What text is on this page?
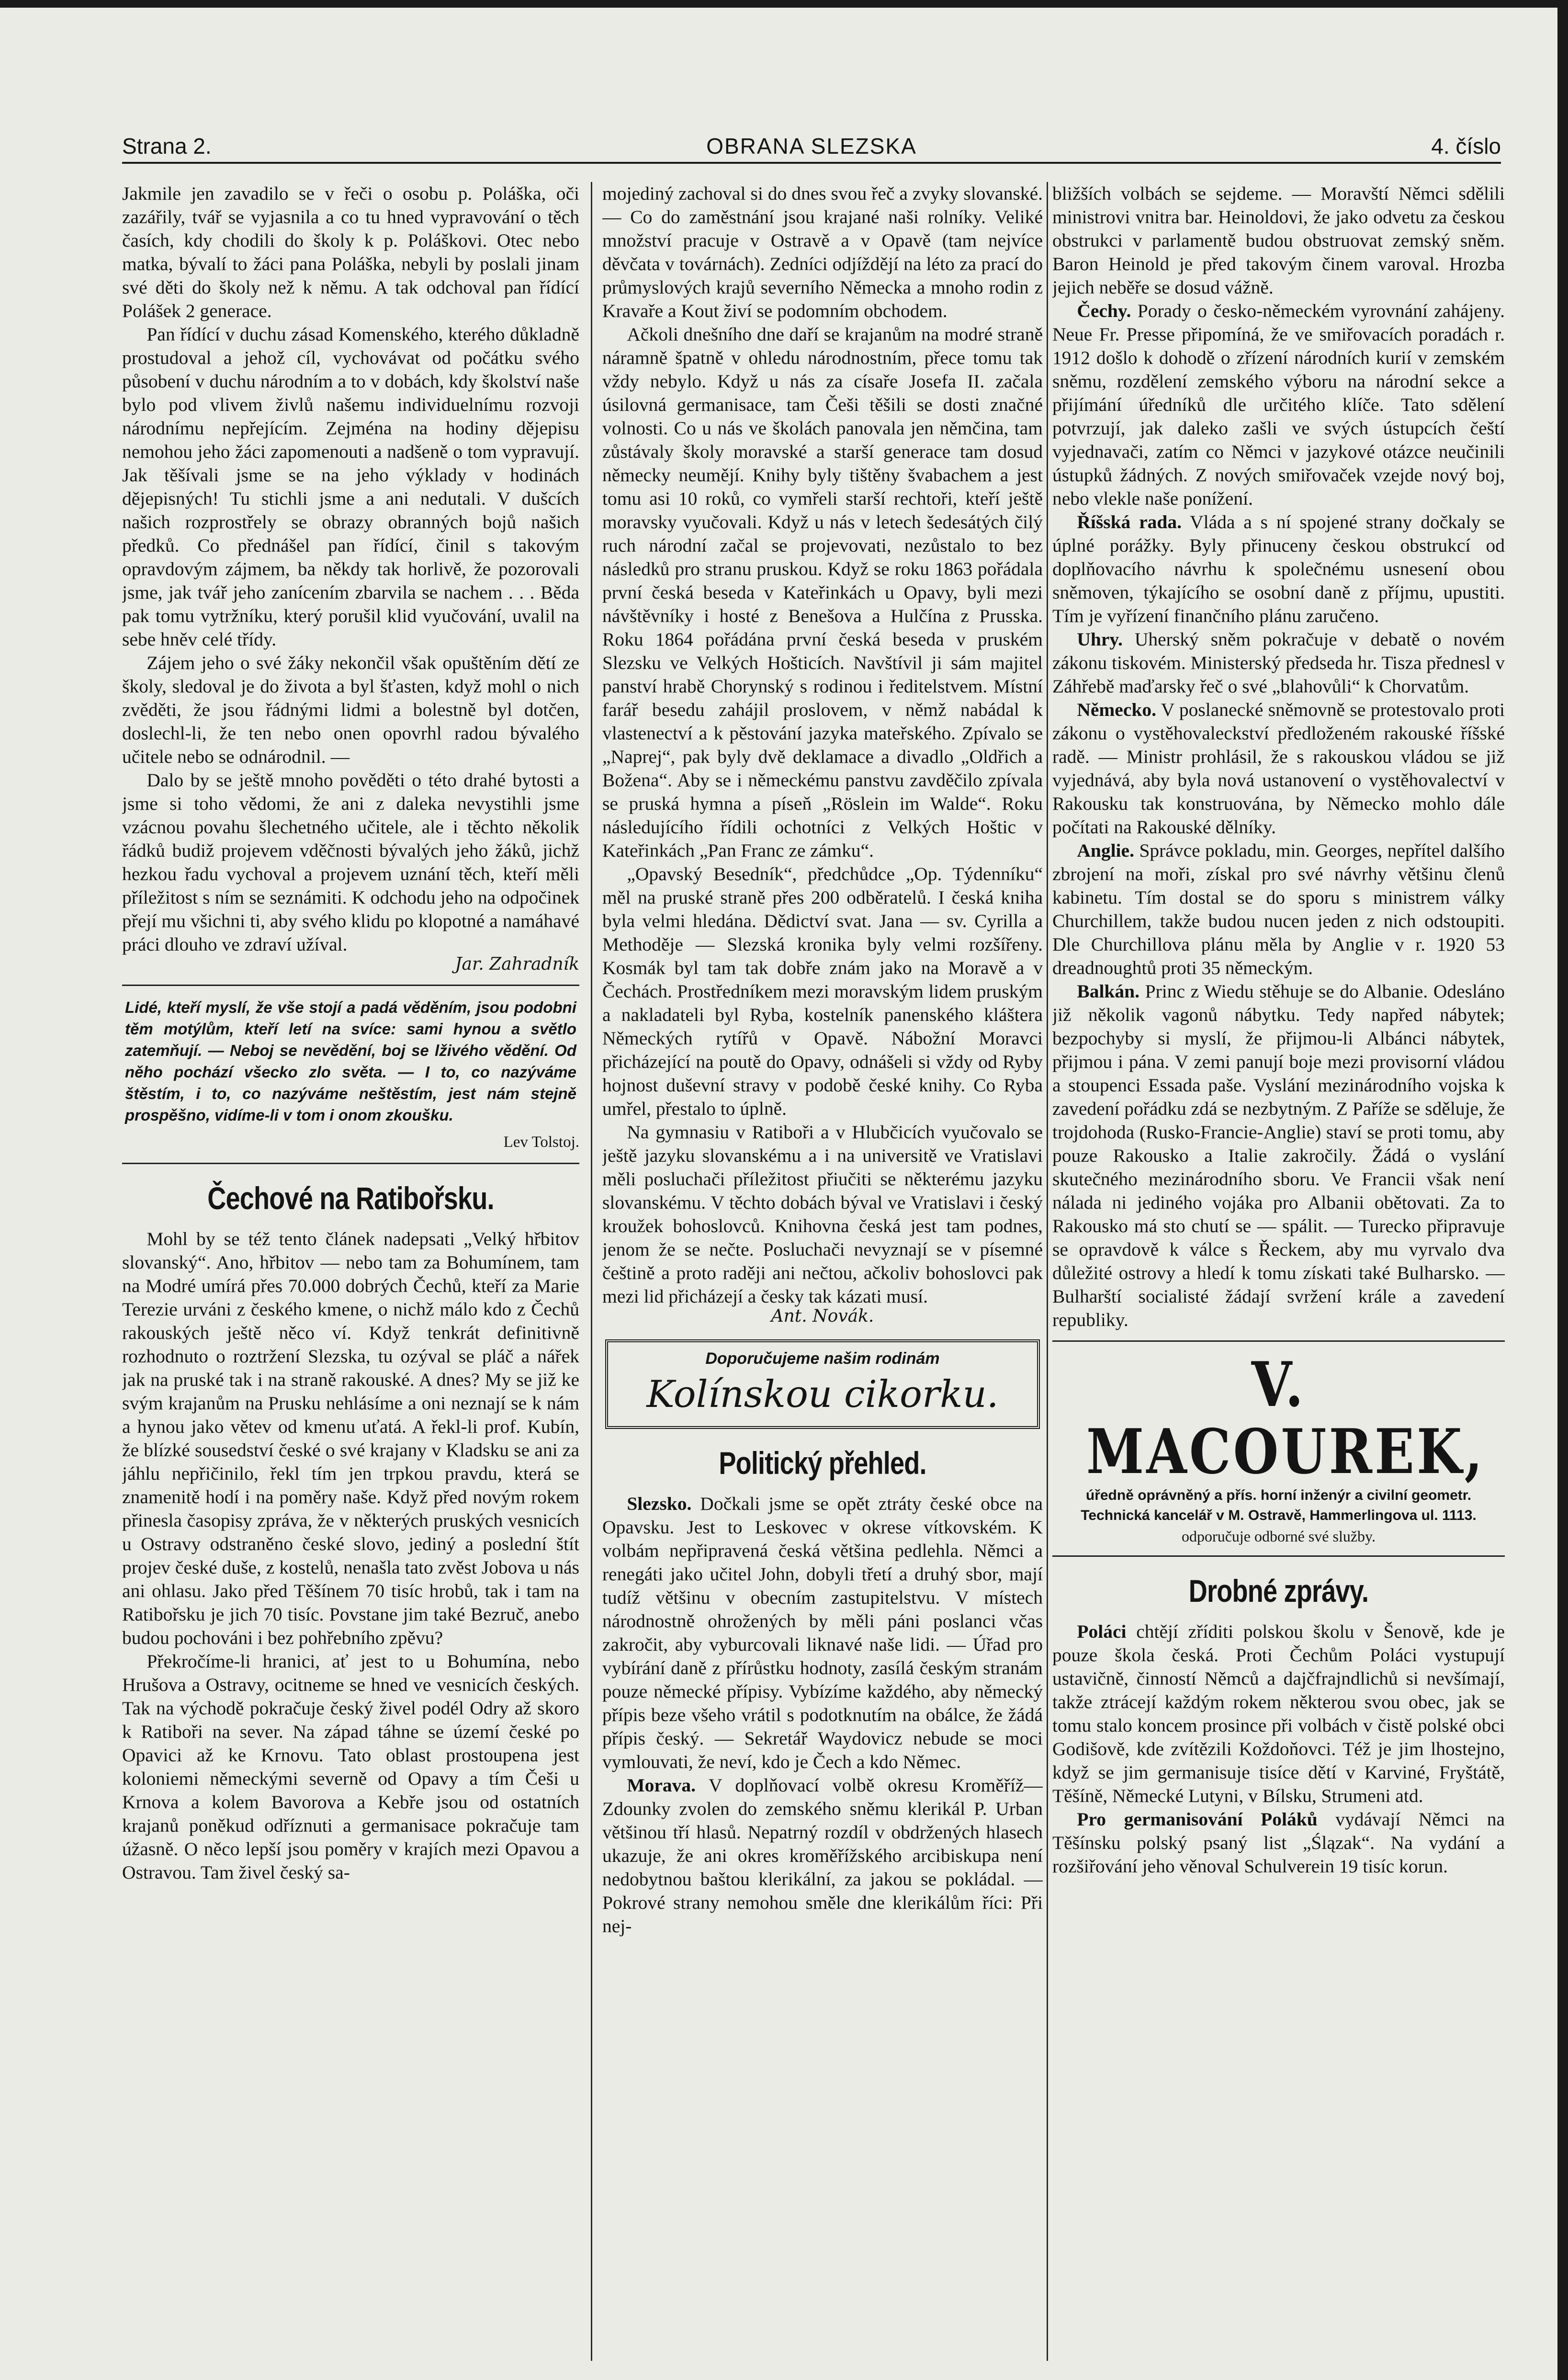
Strana 2.	OBRANA SLEZSKA	4. číslo

Jakmile jen zavadilo se v řeči o osobu p. Poláška, oči zazářily, tvář se vyjasnila a co tu hned vypravování o těch časích, kdy chodili do školy k p. Poláškovi. Otec nebo matka, bývalí to žáci pana Poláška, nebyli by poslali jinam své děti do školy než k němu. A tak odchoval pan řídící Polášek 2 generace.

Pan řídící v duchu zásad Komenského, kterého důkladně prostudoval a jehož cíl, vychovávat od počátku svého působení v duchu národním a to v dobách, kdy školství naše bylo pod vlivem živlů našemu individuelnímu rozvoji národnímu nepřejícím. Zejména na hodiny dějepisu nemohou jeho žáci zapomenouti a nadšeně o tom vypravují. Jak těšívali jsme se na jeho výklady v hodinách dějepisných! Tu stichli jsme a ani nedutali. V dušcích našich rozprostřely se obrazy obranných bojů našich předků. Co přednášel pan řídící, činil s takovým opravdovým zájmem, ba někdy tak horlivě, že pozorovali jsme, jak tvář jeho zanícením zbarvila se nachem . . . Běda pak tomu vytržníku, který porušil klid vyučování, uvalil na sebe hněv celé třídy.

Zájem jeho o své žáky nekončil však opuštěním dětí ze školy, sledoval je do života a byl šťasten, když mohl o nich zvěděti, že jsou řádnými lidmi a bolestně byl dotčen, doslechl-li, že ten nebo onen opovrhl radou bývalého učitele nebo se odnárodnil. —

Dalo by se ještě mnoho pověděti o této drahé bytosti a jsme si toho vědomi, že ani z daleka nevystihli jsme vzácnou povahu šlechetného učitele, ale i těchto několik řádků budiž projevem vděčnosti bývalých jeho žáků, jichž hezkou řadu vychoval a projevem uznání těch, kteří měli příležitost s ním se seznámiti. K odchodu jeho na odpočinek přejí mu všichni ti, aby svého klidu po klopotné a namáhavé práci dlouho ve zdraví užíval.

Jar. Zahradník
Lidé, kteří myslí, že vše stojí a padá věděním, jsou podobni těm motýlům, kteří letí na svíce: sami hynou a světlo zatemňují. — Neboj se nevědění, boj se lživého vědění. Od něho pochází všecko zlo světa. — I to, co nazýváme štěstím, i to, co nazýváme neštěstím, jest nám stejně prospěšno, vidíme-li v tom i onom zkoušku.
Lev Tolstoj.
Čechové na Ratibořsku.

Mohl by se též tento článek nadepsati „Velký hřbitov slovanský“. Ano, hřbitov — nebo tam za Bohumínem, tam na Modré umírá přes 70.000 dobrých Čechů, kteří za Marie Terezie urváni z českého kmene, o nichž málo kdo z Čechů rakouských ještě něco ví. Když tenkrát definitivně rozhodnuto o roztržení Slezska, tu ozýval se pláč a nářek jak na pruské tak i na straně rakouské. A dnes? My se již ke svým krajanům na Prusku nehlásíme a oni neznají se k nám a hynou jako větev od kmenu uťatá. A řekl-li prof. Kubín, že blízké sousedství české o své krajany v Kladsku se ani za jáhlu nepřičinilo, řekl tím jen trpkou pravdu, která se znamenitě hodí i na poměry naše. Když před novým rokem přinesla časopisy zpráva, že v některých pruských vesnicích u Ostravy odstraněno české slovo, jediný a poslední štít projev české duše, z kostelů, nenašla tato zvěst Jobova u nás ani ohlasu. Jako před Těšínem 70 tisíc hrobů, tak i tam na Ratibořsku je jich 70 tisíc. Povstane jim také Bezruč, anebo budou pochováni i bez pohřebního zpěvu?

Překročíme-li hranici, ať jest to u Bohumína, nebo Hrušova a Ostravy, ocitneme se hned ve vesnicích českých. Tak na východě pokračuje český živel podél Odry až skoro k Ratiboři na sever. Na západ táhne se území české po Opavici až ke Krnovu. Tato oblast prostoupena jest koloniemi německými severně od Opavy a tím Češi u Krnova a kolem Bavorova a Kebře jsou od ostatních krajanů poněkud odříznuti a germanisace pokračuje tam úžasně. O něco lepší jsou poměry v krajích mezi Opavou a Ostravou. Tam živel český sa-

mojediný zachoval si do dnes svou řeč a zvyky slovanské. — Co do zaměstnání jsou krajané naši rolníky. Veliké množství pracuje v Ostravě a v Opavě (tam nejvíce děvčata v továrnách). Zedníci odjíždějí na léto za prací do průmyslových krajů severního Německa a mnoho rodin z Kravaře a Kout živí se podomním obchodem.

Ačkoli dnešního dne daří se krajanům na modré straně náramně špatně v ohledu národnostním, přece tomu tak vždy nebylo. Když u nás za císaře Josefa II. začala úsilovná germanisace, tam Češi těšili se dosti značné volnosti. Co u nás ve školách panovala jen němčina, tam zůstávaly školy moravské a starší generace tam dosud německy neumějí. Knihy byly tištěny švabachem a jest tomu asi 10 roků, co vymřeli starší rechtoři, kteří ještě moravsky vyučovali. Když u nás v letech šedesátých čilý ruch národní začal se projevovati, nezůstalo to bez následků pro stranu pruskou. Když se roku 1863 pořádala první česká beseda v Kateřinkách u Opavy, byli mezi návštěvníky i hosté z Benešova a Hulčína z Prusska. Roku 1864 pořádána první česká beseda v pruském Slezsku ve Velkých Hošticích. Navštívil ji sám majitel panství hrabě Chorynský s rodinou i ředitelstvem. Místní farář besedu zahájil proslovem, v němž nabádal k vlastenectví a k pěstování jazyka mateřského. Zpívalo se „Naprej“, pak byly dvě deklamace a divadlo „Oldřich a Božena“. Aby se i německému panstvu zavděčilo zpívala se pruská hymna a píseň „Röslein im Walde“. Roku následujícího řídili ochotníci z Velkých Hoštic v Kateřinkách „Pan Franc ze zámku“.

„Opavský Besedník“, předchůdce „Op. Týdenníku“ měl na pruské straně přes 200 odběratelů. I česká kniha byla velmi hledána. Dědictví svat. Jana — sv. Cyrilla a Methoděje — Slezská kronika byly velmi rozšířeny. Kosmák byl tam tak dobře znám jako na Moravě a v Čechách. Prostředníkem mezi moravským lidem pruským a nakladateli byl Ryba, kostelník panenského kláštera Německých rytířů v Opavě. Nábožní Moravci přicházející na poutě do Opavy, odnášeli si vždy od Ryby hojnost duševní stravy v podobě české knihy. Co Ryba umřel, přestalo to úplně.

Na gymnasiu v Ratiboři a v Hlubčicích vyučovalo se ještě jazyku slovanskému a i na universitě ve Vratislavi měli posluchači příležitost přiučiti se některému jazyku slovanskému. V těchto dobách býval ve Vratislavi i český kroužek bohoslovců. Knihovna česká jest tam podnes, jenom že se nečte. Posluchači nevyznají se v písemné češtině a proto raději ani nečtou, ačkoliv bohoslovci pak mezi lid přicházejí a česky tak kázati musí.

Ant. Novák.
Doporučujeme našim rodinám
Kolínskou cikorku.
Politický přehled.

Slezsko. Dočkali jsme se opět ztráty české obce na Opavsku. Jest to Leskovec v okrese vítkovském. K volbám nepřipravená česká většina pedlehla. Němci a renegáti jako učitel John, dobyli třetí a druhý sbor, mají tudíž většinu v obecním zastupitelstvu. V místech národnostně ohrožených by měli páni poslanci včas zakročit, aby vyburcovali liknavé naše lidi. — Úřad pro vybírání daně z přírůstku hodnoty, zasílá českým stranám pouze německé přípisy. Vybízíme každého, aby německý přípis beze všeho vrátil s podotknutím na obálce, že žádá přípis český. — Sekretář Waydovicz nebude se moci vymlouvati, že neví, kdo je Čech a kdo Němec.

Morava. V doplňovací volbě okresu Kroměříž—Zdounky zvolen do zemského sněmu klerikál P. Urban většinou tří hlasů. Nepatrný rozdíl v obdržených hlasech ukazuje, že ani okres kroměřížského arcibiskupa není nedobytnou baštou klerikální, za jakou se pokládal. — Pokrové strany nemohou směle dne klerikálům říci: Při nej-

bližších volbách se sejdeme. — Moravští Němci sdělili ministrovi vnitra bar. Heinoldovi, že jako odvetu za českou obstrukci v parlamentě budou obstruovat zemský sněm. Baron Heinold je před takovým činem varoval. Hrozba jejich neběře se dosud vážně.

Čechy. Porady o česko-německém vyrovnání zahájeny. Neue Fr. Presse připomíná, že ve smiřovacích poradách r. 1912 došlo k dohodě o zřízení národních kurií v zemském sněmu, rozdělení zemského výboru na národní sekce a přijímání úředníků dle určitého klíče. Tato sdělení potvrzují, jak daleko zašli ve svých ústupcích čeští vyjednavači, zatím co Němci v jazykové otázce neučinili ústupků žádných. Z nových smiřovaček vzejde nový boj, nebo vlekle naše ponížení.

Říšská rada. Vláda a s ní spojené strany dočkaly se úplné porážky. Byly přinuceny českou obstrukcí od doplňovacího návrhu k společnému usnesení obou sněmoven, týkajícího se osobní daně z příjmu, upustiti. Tím je vyřízení finančního plánu zaručeno.

Uhry. Uherský sněm pokračuje v debatě o novém zákonu tiskovém. Ministerský předseda hr. Tisza přednesl v Záhřebě maďarsky řeč o své „blahovůli“ k Chorvatům.

Německo. V poslanecké sněmovně se protestovalo proti zákonu o vystěhovaleckství předloženém rakouské říšské radě. — Ministr prohlásil, že s rakouskou vládou se již vyjednává, aby byla nová ustanovení o vystěhovalectví v Rakousku tak konstruována, by Německo mohlo dále počítati na Rakouské dělníky.

Anglie. Správce pokladu, min. Georges, nepřítel dalšího zbrojení na moři, získal pro své návrhy většinu členů kabinetu. Tím dostal se do sporu s ministrem války Churchillem, takže budou nucen jeden z nich odstoupiti. Dle Churchillova plánu měla by Anglie v r. 1920 53 dreadnoughtů proti 35 německým.

Balkán. Princ z Wiedu stěhuje se do Albanie. Odesláno již několik vagonů nábytku. Tedy napřed nábytek; bezpochyby si myslí, že přijmou-li Albánci nábytek, přijmou i pána. V zemi panují boje mezi provisorní vládou a stoupenci Essada paše. Vyslání mezinárodního vojska k zavedení pořádku zdá se nezbytným. Z Paříže se sděluje, že trojdohoda (Rusko-Francie-Anglie) staví se proti tomu, aby pouze Rakousko a Italie zakročily. Žádá o vyslání skutečného mezinárodního sboru. Ve Francii však není nálada ni jediného vojáka pro Albanii obětovati. Za to Rakousko má sto chutí se — spálit. — Turecko připravuje se opravdově k válce s Řeckem, aby mu vyrvalo dva důležité ostrovy a hledí k tomu získati také Bulharsko. — Bulharští socialisté žádají svržení krále a zavedení republiky.

V. MACOUREK,
úředně oprávněný a přís. horní inženýr a civilní geometr.
Technická kancelář v M. Ostravě, Hammerlingova ul. 1113.
odporučuje odborné své služby.
Drobné zprávy.

Poláci chtějí zříditi polskou školu v Šenově, kde je pouze škola česká. Proti Čechům Poláci vystupují ustavičně, činností Němců a dajčfrajndlichů si nevšímají, takže ztrácejí každým rokem některou svou obec, jak se tomu stalo koncem prosince při volbách v čistě polské obci Godišově, kde zvítězili Koždoňovci. Též je jim lhostejno, když se jim germanisuje tisíce dětí v Karviné, Fryštátě, Těšíně, Německé Lutyni, v Bílsku, Strumeni atd.

Pro germanisování Poláků vydávají Němci na Těšínsku polský psaný list „Ślązak“. Na vydání a rozšiřování jeho věnoval Schulverein 19 tisíc korun.
